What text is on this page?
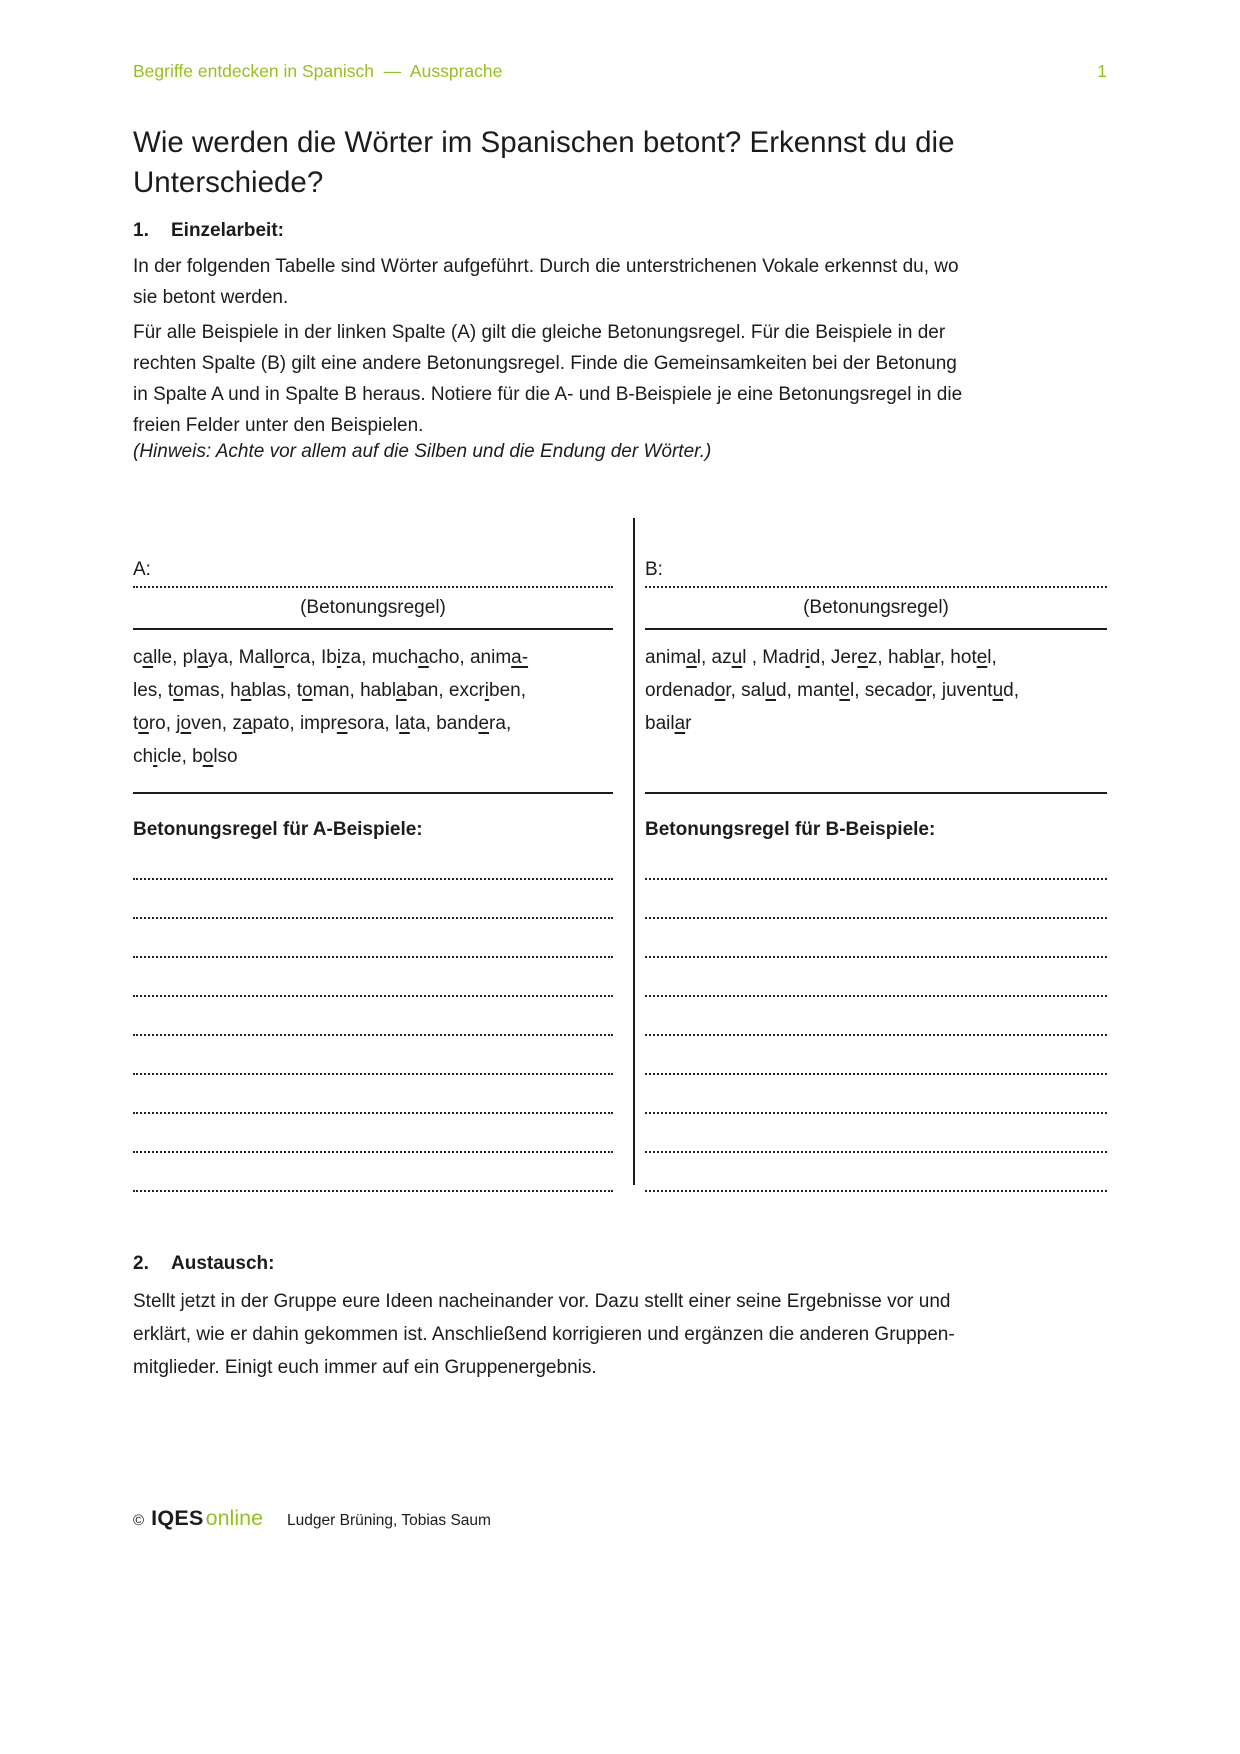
Begriffe entdecken in Spanisch  —  Aussprache	1
Wie werden die Wörter im Spanischen betont? Erkennst du die
Unterschiede?
1.	Einzelarbeit:
In der folgenden Tabelle sind Wörter aufgeführt. Durch die unterstrichenen Vokale erkennst du, wo
sie betont werden.
Für alle Beispiele in der linken Spalte (A) gilt die gleiche Betonungsregel. Für die Beispiele in der
rechten Spalte (B) gilt eine andere Betonungsregel. Finde die Gemeinsamkeiten bei der Betonung
in Spalte A und in Spalte B heraus. Notiere für die A- und B-Beispiele je eine Betonungsregel in die
freien Felder unter den Beispielen.
(Hinweis: Achte vor allem auf die Silben und die Endung der Wörter.)
A:
(Betonungsregel)
calle, playa, Mallorca, Ibiza, muchacho, anima-
les, tomas, hablas, toman, hablaban, excriben,
toro, joven, zapato, impresora, lata, bandera,
chicle, bolso
Betonungsregel für A-Beispiele:
B:
(Betonungsregel)
animal, azul , Madrid, Jerez, hablar, hotel,
ordenador, salud, mantel, secador, juventud,
bailar
Betonungsregel für B-Beispiele:
2.	Austausch:
Stellt jetzt in der Gruppe eure Ideen nacheinander vor. Dazu stellt einer seine Ergebnisse vor und
erklärt, wie er dahin gekommen ist. Anschließend korrigieren und ergänzen die anderen Gruppen-
mitglieder. Einigt euch immer auf ein Gruppenergebnis.
© IQES online Ludger Brüning, Tobias Saum
